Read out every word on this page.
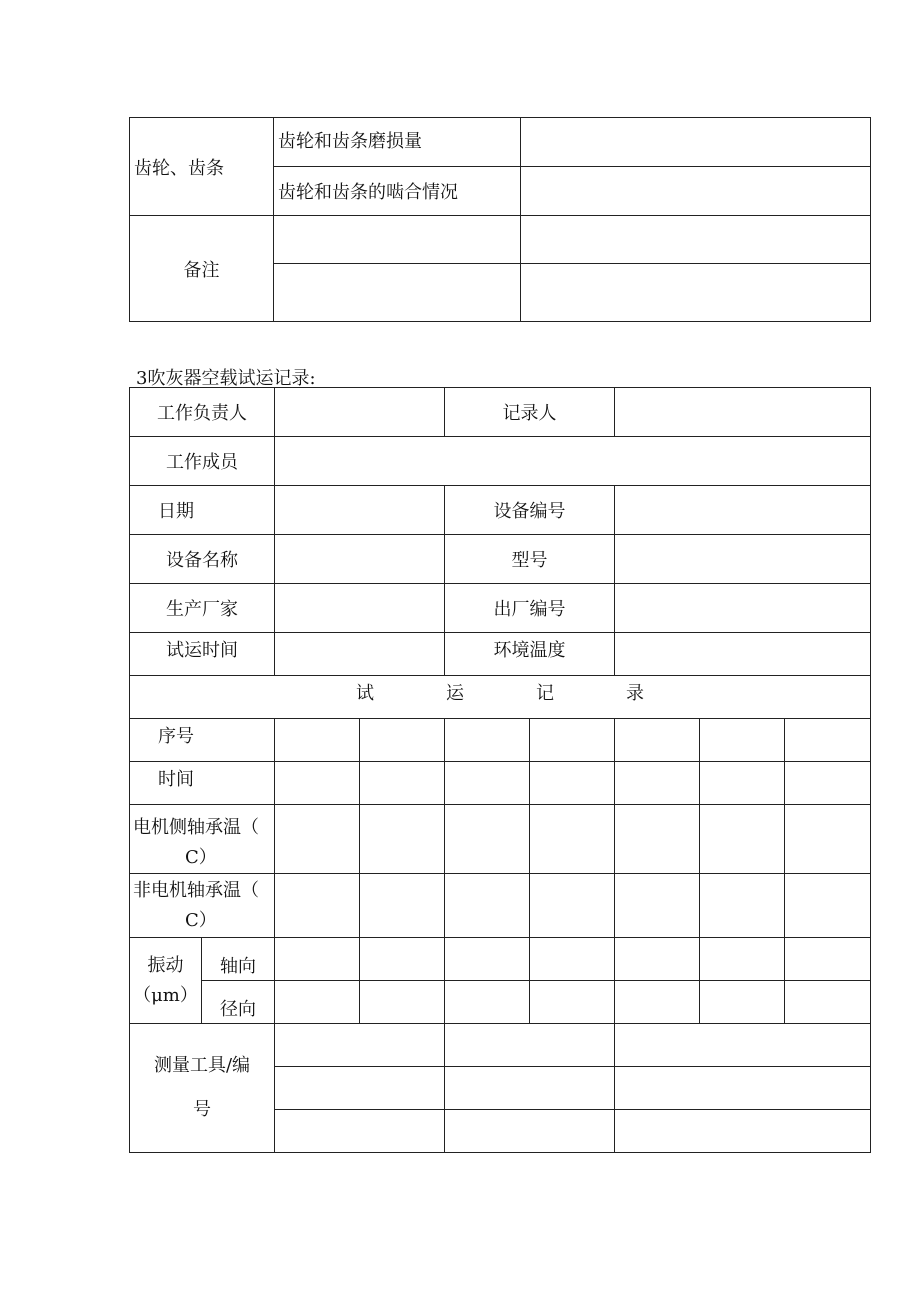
齿轮、齿条	齿轮和齿条磨损量	
	齿轮和齿条的啮合情况	
备注		

3吹灰器空载试运记录:
工作负责人				记录人				
工作成员								
日期				设备编号				
设备名称				型号				
生产厂家				出厂编号				
试运时间				环境温度				
试 运 记 录								
序号								
时间								

电机侧轴承温（
C）								

非电机轴承温（
C）								

振动
（μm）	轴向							
	径向							

测量工具/编
号								
